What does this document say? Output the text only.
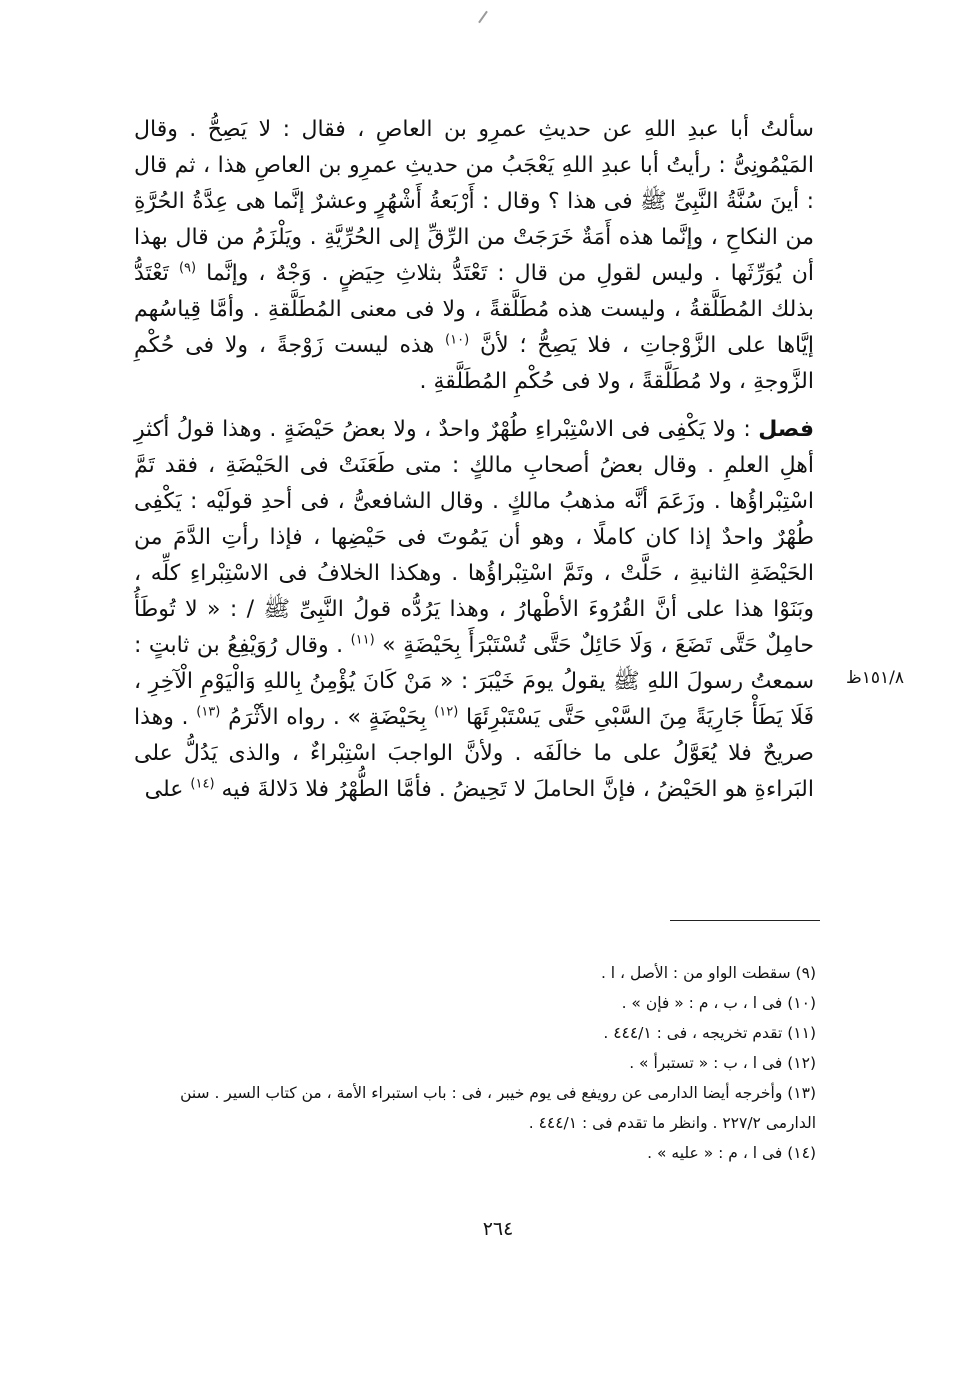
سألتُ أبا عبدِ اللهِ عن حديثِ عمرِو بن العاصِ ، فقال : لا يَصِحُّ . وقال المَيْمُونِىُّ : رأيتُ أبا عبدِ اللهِ يَعْجَبُ من حديثِ عمرِو بن العاصِ هذا ، ثم قال : أينَ سُنَّةُ النَّبِىِّ ﷺ فى هذا ؟ وقال : أَرْبَعةُ أَشْهُرٍ وعشرٌ إنَّما هى عِدَّةُ الحُرَّةِ من النكاحِ ، وإنَّما هذه أَمَةٌ خَرَجَتْ من الرِّقِّ إلى الحُرِّيَّةِ . ويَلْزَمُ من قال بهذا أن يُوَرِّثَها . وليس لقولِ من قال : تَعْتَدُّ بثلاثِ حِيَضٍ . وَجْهٌ ، وإنَّما $^{(٩)}$ تَعْتَدُّ بذلك المُطَلَّقةُ ، وليست هذه مُطَلَّقةً ، ولا فى معنى المُطَلَّقةِ . وأمَّا قِياسُهم إيَّاها على الزَّوْجاتِ ، فلا يَصِحُّ ؛ لأنَّ $^{(١٠)}$ هذه ليست زَوْجةً ، ولا فى حُكْمِ الزَّوجةِ ، ولا مُطَلَّقةً ، ولا فى حُكْمِ المُطَلَّقةِ .

فصل : ولا يَكْفِى فى الاسْتِبْراءِ طُهْرٌ واحدٌ ، ولا بعضُ حَيْضَةٍ . وهذا قولُ أكثرِ أهلِ العلمِ . وقال بعضُ أصحابِ مالكٍ : متى طَعَنَتْ فى الحَيْضَةِ ، فقد تَمَّ اسْتِبْراؤُها . وزَعَمَ أنَّه مذهبُ مالكٍ . وقال الشافعىُّ ، فى أحدِ قولَيْه : يَكْفِى طُهْرٌ واحدٌ إذا كان كاملًا ، وهو أن يَمُوتَ فى حَيْضِها ، فإذا رأتِ الدَّمَ من الحَيْضَةِ الثانيةِ ، حَلَّتْ ، وتَمَّ اسْتِبْراؤُها . وهكذا الخلافُ فى الاسْتِبْراءِ كلِّه ، وبَنَوْا هذا على أنَّ القُرُوءَ الأطْهارُ ، وهذا يَرُدُّه قولُ النَّبِىِّ ﷺ / : « لا تُوطَأُ حامِلٌ حَتَّى تَضَعَ ، وَلَا حَائِلٌ حَتَّى تُسْتَبْرَأَ بِحَيْضَةٍ » $^{(١١)}$ . وقال رُوَيْفِعُ بن ثابتٍ : سمعتُ رسولَ اللهِ ﷺ يقولُ يومَ خَيْبَرَ : « مَنْ كَانَ يُؤْمِنُ بِاللهِ وَالْيَوْمِ الْآخِرِ ، فَلَا يَطَأْ جَارِيَةً مِنَ السَّبْىِ حَتَّى يَسْتَبْرِئَهَا $^{(١٢)}$ بِحَيْضَةٍ » . رواه الأثْرَمُ $^{(١٣)}$ . وهذا صريحٌ فلا يُعَوَّلُ على ما خالَفَه . ولأنَّ الواجبَ اسْتِبْراءٌ ، والذى يَدُلُّ على البَراءةِ هو الحَيْضُ ، فإنَّ الحاملَ لا تَحِيضُ . فأمَّا الطُّهْرُ فلا دَلالةَ فيه $^{(١٤)}$ على

١٥١/٨ظ

(٩) سقطت الواو من : الأصل ، ا .

(١٠) فى ا ، ب ، م : « فإن » .

(١١) تقدم تخريجه ، فى : ٤٤٤/١ .

(١٢) فى ا ، ب : « تستبرأ » .

(١٣) وأخرجه أيضا الدارمى عن رويفع فى يوم خيبر ، فى : باب استبراء الأمة ، من كتاب السير . سنن الدارمى ٢٢٧/٢ . وانظر ما تقدم فى : ٤٤٤/١ .

(١٤) فى ا ، م : « عليه » .

٢٦٤
